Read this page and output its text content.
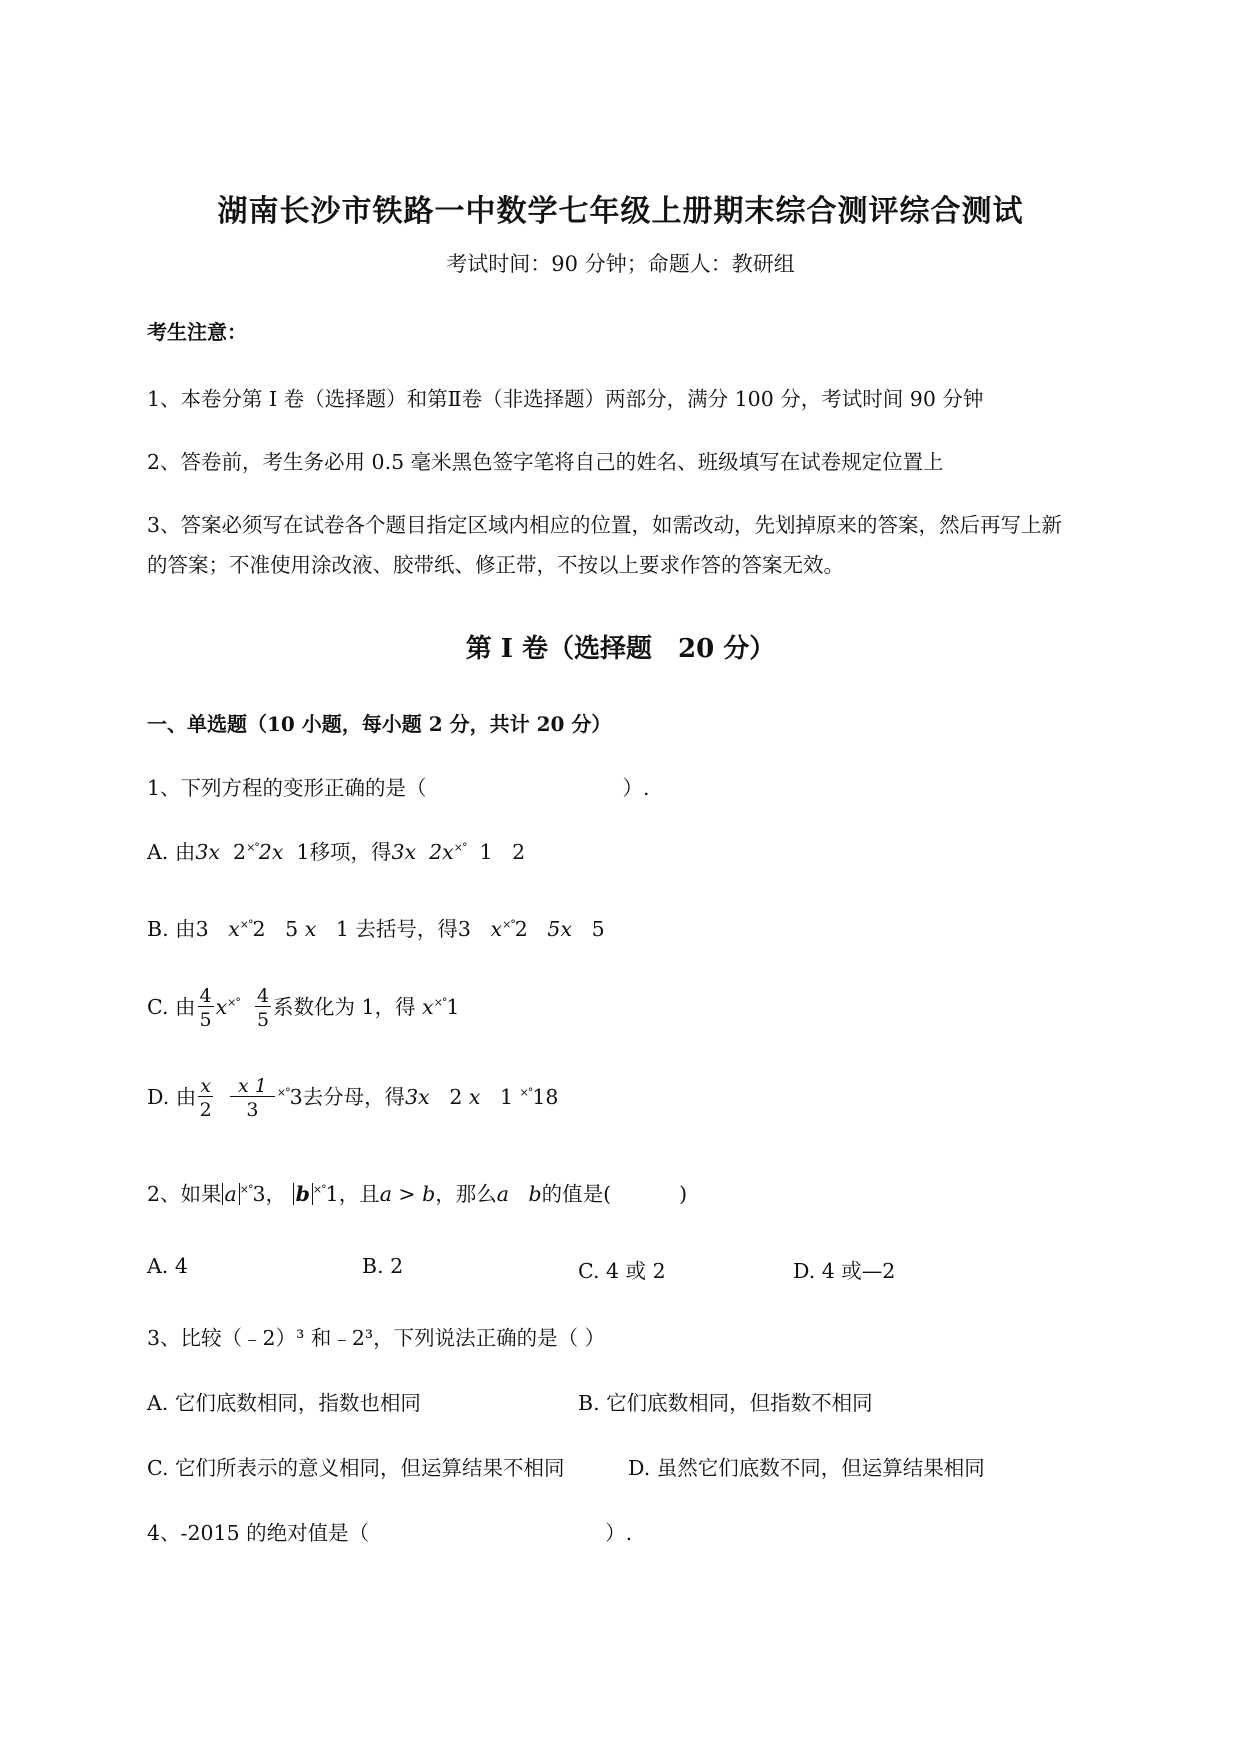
湖南长沙市铁路一中数学七年级上册期末综合测评综合测试
考试时间：90 分钟；命题人：教研组
考生注意：
1、本卷分第 I 卷（选择题）和第Ⅱ卷（非选择题）两部分，满分 100 分，考试时间 90 分钟
2、答卷前，考生务必用 0.5 毫米黑色签字笔将自己的姓名、班级填写在试卷规定位置上
3、答案必须写在试卷各个题目指定区域内相应的位置，如需改动，先划掉原来的答案，然后再写上新
的答案；不准使用涂改液、胶带纸、修正带，不按以上要求作答的答案无效。
第 I 卷（选择题 20 分）
一、单选题（10 小题，每小题 2 分，共计 20 分）
1、下列方程的变形正确的是（	）.
A. 由3x 2×°2x 1移项，得3x 2x×° 1 2
B. 由3 x×°2 5 x 1 去括号，得3 x×°2 5x 5
C. 由 $\frac{4}{5} x^{\times^\circ} \frac{4}{5}$ 系数化为 1，得 x×°1
D. 由 $\frac{x}{2}$
$\frac{x 1}{3} ^{\times^\circ}3$去分母，得3x 2 x 1 ×°18
2、如果 a ×°3， b ×°1，且a > b，那么a b的值是(	)
A. 4	B. 2	C. 4 或 2	D. 4 或—2
3、比较（﹣2）³ 和﹣2³，下列说法正确的是（ ）
A. 它们底数相同，指数也相同	B. 它们底数相同，但指数不相同
C. 它们所表示的意义相同，但运算结果不相同	D. 虽然它们底数不同，但运算结果相同
4、-2015 的绝对值是（	）.
